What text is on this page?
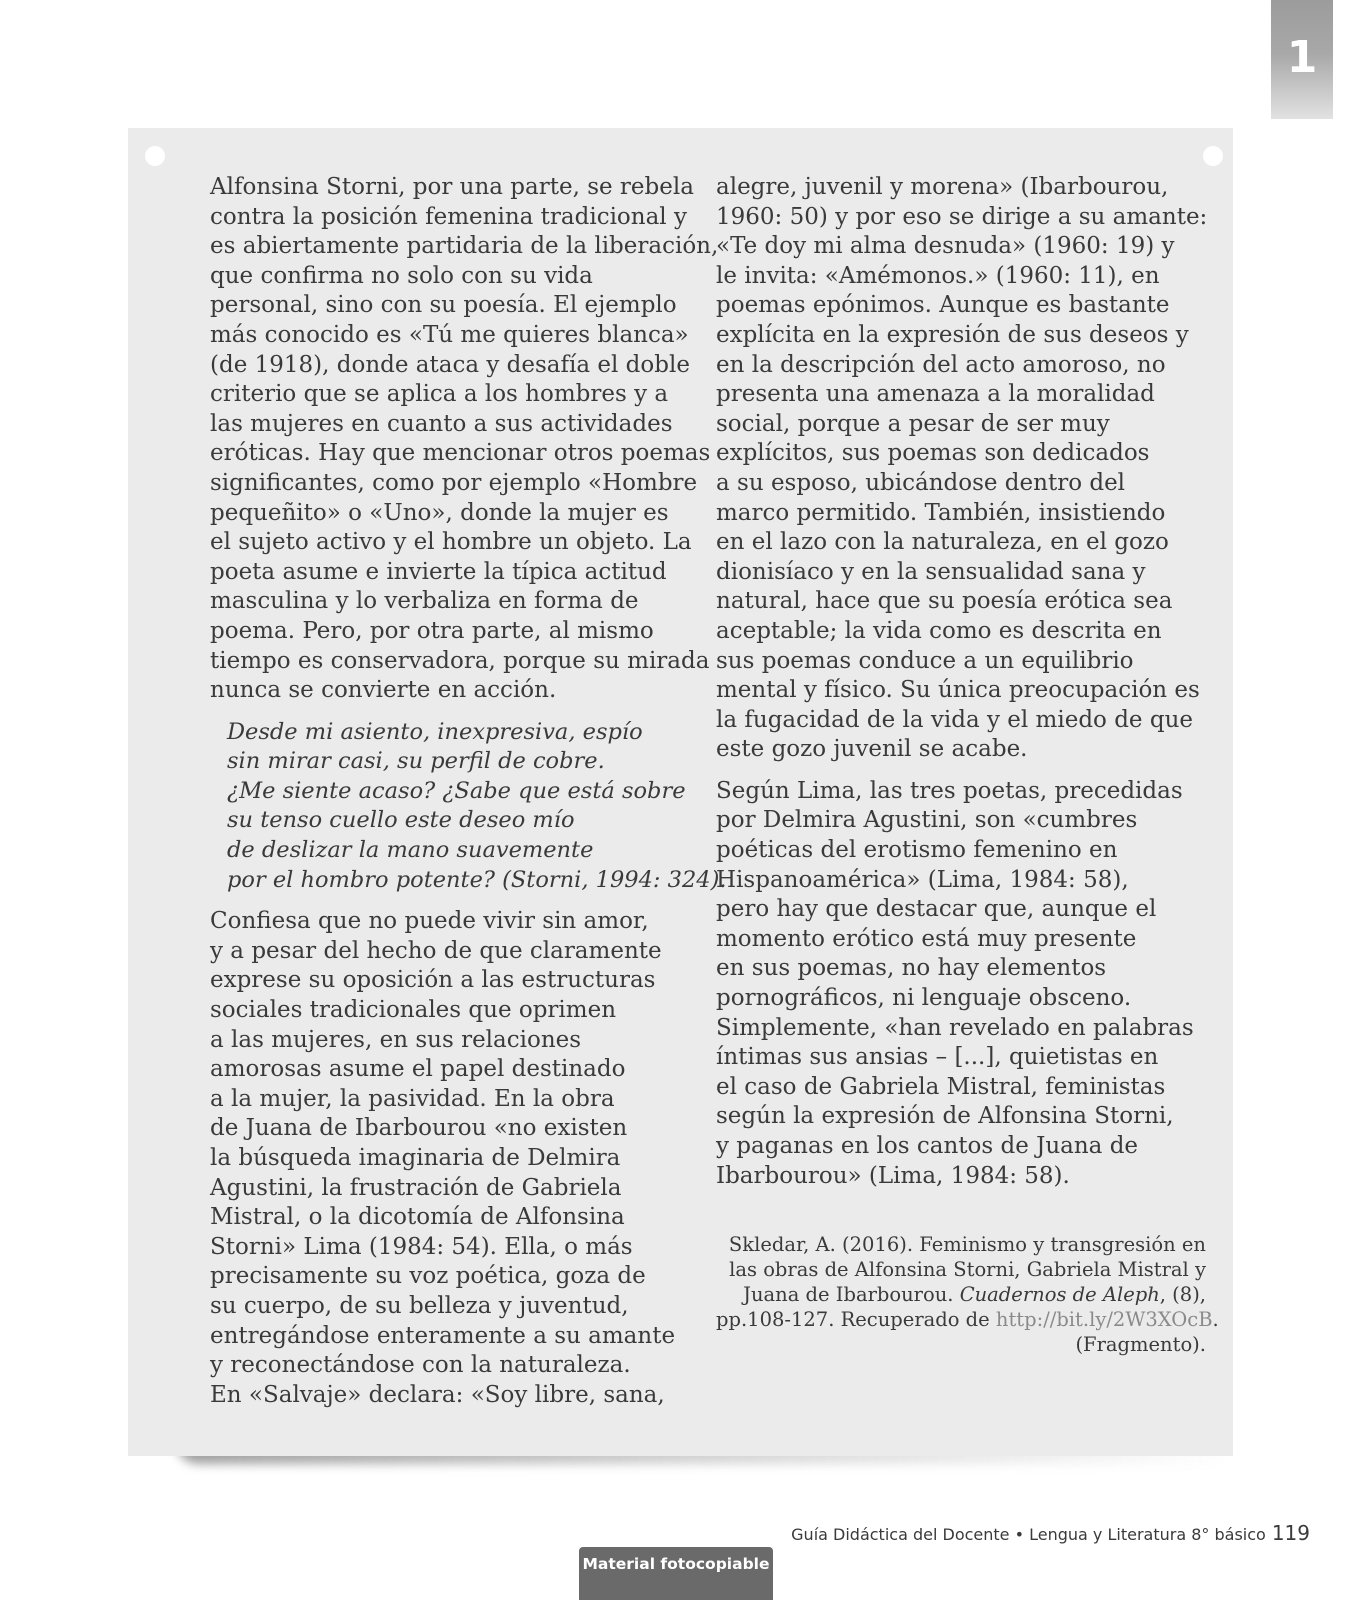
1

Alfonsina Storni, por una parte, se rebela

contra la posición femenina tradicional y

es abiertamente partidaria de la liberación,

que confirma no solo con su vida

personal, sino con su poesía. El ejemplo

más conocido es «Tú me quieres blanca»

(de 1918), donde ataca y desafía el doble

criterio que se aplica a los hombres y a

las mujeres en cuanto a sus actividades

eróticas. Hay que mencionar otros poemas

significantes, como por ejemplo «Hombre

pequeñito» o «Uno», donde la mujer es

el sujeto activo y el hombre un objeto. La

poeta asume e invierte la típica actitud

masculina y lo verbaliza en forma de

poema. Pero, por otra parte, al mismo

tiempo es conservadora, porque su mirada

nunca se convierte en acción.

Desde mi asiento, inexpresiva, espío
sin mirar casi, su perfil de cobre.
¿Me siente acaso? ¿Sabe que está sobre
su tenso cuello este deseo mío
de deslizar la mano suavemente
por el hombro potente? (Storni, 1994: 324).

Confiesa que no puede vivir sin amor,

y a pesar del hecho de que claramente

exprese su oposición a las estructuras

sociales tradicionales que oprimen

a las mujeres, en sus relaciones

amorosas asume el papel destinado

a la mujer, la pasividad. En la obra

de Juana de Ibarbourou «no existen

la búsqueda imaginaria de Delmira

Agustini, la frustración de Gabriela

Mistral, o la dicotomía de Alfonsina

Storni» Lima (1984: 54). Ella, o más

precisamente su voz poética, goza de

su cuerpo, de su belleza y juventud,

entregándose enteramente a su amante

y reconectándose con la naturaleza.

En «Salvaje» declara: «Soy libre, sana,

alegre, juvenil y morena» (Ibarbourou,

1960: 50) y por eso se dirige a su amante:

«Te doy mi alma desnuda» (1960: 19) y

le invita: «Amémonos.» (1960: 11), en

poemas epónimos. Aunque es bastante

explícita en la expresión de sus deseos y

en la descripción del acto amoroso, no

presenta una amenaza a la moralidad

social, porque a pesar de ser muy

explícitos, sus poemas son dedicados

a su esposo, ubicándose dentro del

marco permitido. También, insistiendo

en el lazo con la naturaleza, en el gozo

dionisíaco y en la sensualidad sana y

natural, hace que su poesía erótica sea

aceptable; la vida como es descrita en

sus poemas conduce a un equilibrio

mental y físico. Su única preocupación es

la fugacidad de la vida y el miedo de que

este gozo juvenil se acabe.

Según Lima, las tres poetas, precedidas

por Delmira Agustini, son «cumbres

poéticas del erotismo femenino en

Hispanoamérica» (Lima, 1984: 58),

pero hay que destacar que, aunque el

momento erótico está muy presente

en sus poemas, no hay elementos

pornográficos, ni lenguaje obsceno.

Simplemente, «han revelado en palabras

íntimas sus ansias – [...], quietistas en

el caso de Gabriela Mistral, feministas

según la expresión de Alfonsina Storni,

y paganas en los cantos de Juana de

Ibarbourou» (Lima, 1984: 58).

Skledar, A. (2016). Feminismo y transgresión en
las obras de Alfonsina Storni, Gabriela Mistral y
Juana de Ibarbourou. Cuadernos de Aleph, (8),
pp.108-127. Recuperado de http://bit.ly/2W3XOcB.
(Fragmento).
Guía Didáctica del Docente • Lengua y Literatura 8° básico 119
Material fotocopiable
